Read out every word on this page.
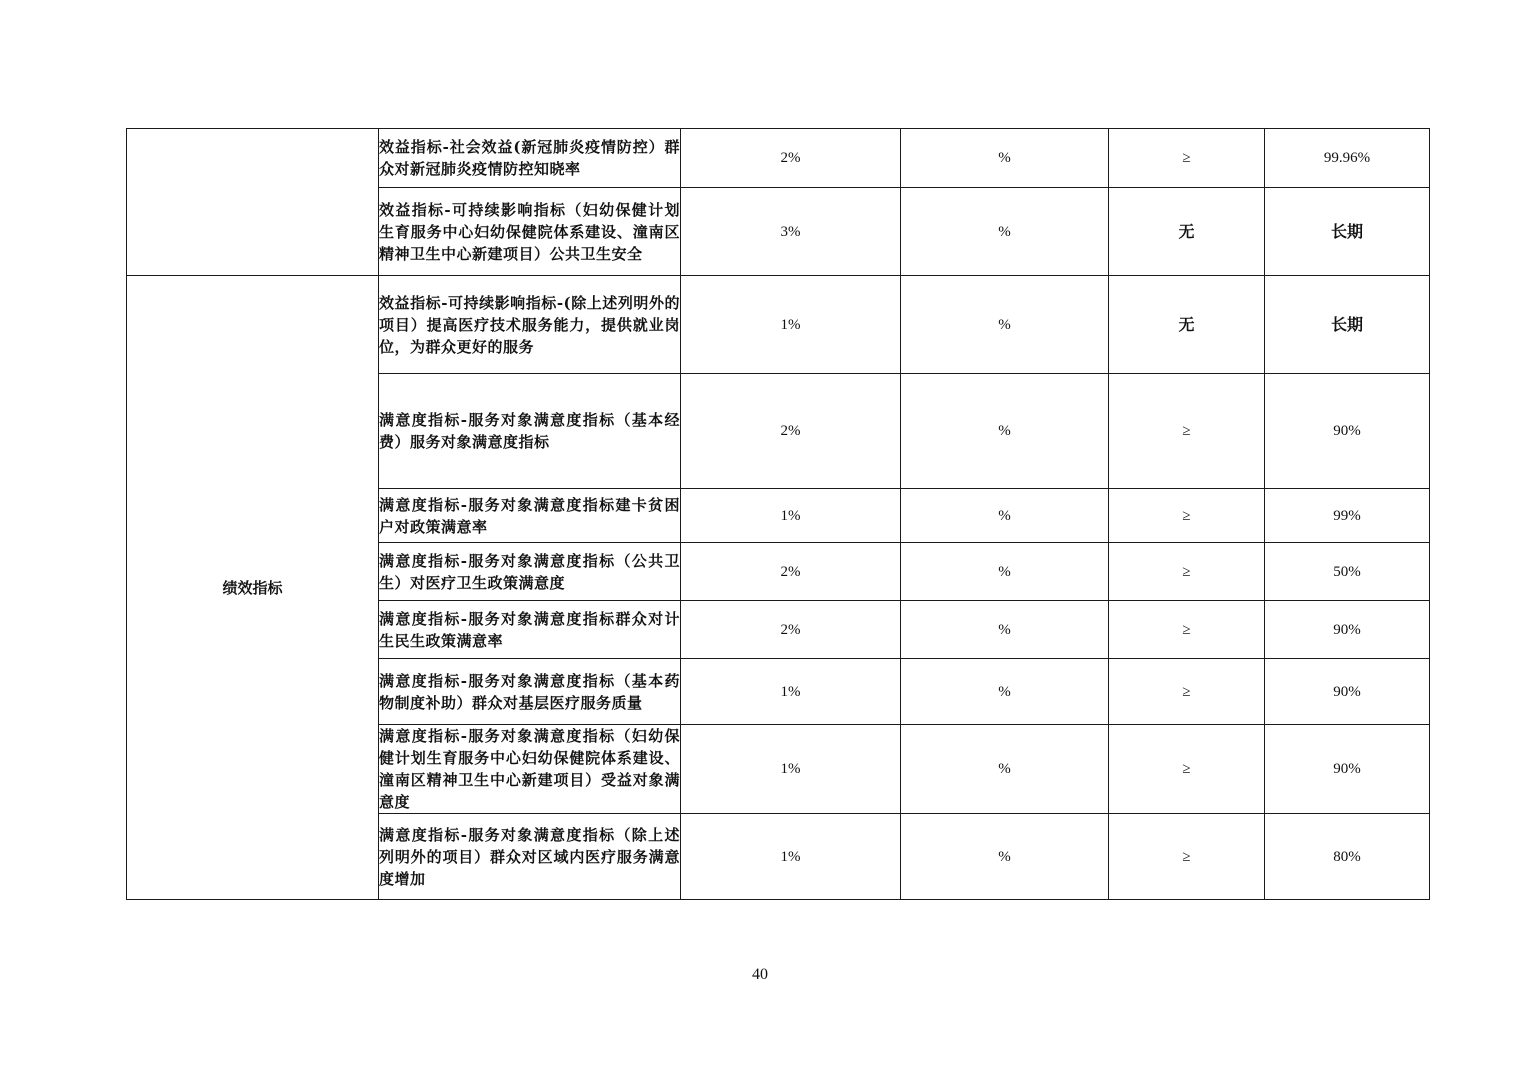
	效益指标-社会效益(新冠肺炎疫情防控）群众对新冠肺炎疫情防控知晓率	2%	%	≥	99.96%
	效益指标-可持续影响指标（妇幼保健计划生育服务中心妇幼保健院体系建设、潼南区精神卫生中心新建项目）公共卫生安全	3%	%	无	长期
绩效指标	效益指标-可持续影响指标-(除上述列明外的项目）提高医疗技术服务能力，提供就业岗位，为群众更好的服务	1%	%	无	长期
	满意度指标-服务对象满意度指标（基本经费）服务对象满意度指标	2%	%	≥	90%
	满意度指标-服务对象满意度指标建卡贫困户对政策满意率	1%	%	≥	99%
	满意度指标-服务对象满意度指标（公共卫生）对医疗卫生政策满意度	2%	%	≥	50%
	满意度指标-服务对象满意度指标群众对计生民生政策满意率	2%	%	≥	90%
	满意度指标-服务对象满意度指标（基本药物制度补助）群众对基层医疗服务质量	1%	%	≥	90%
	满意度指标-服务对象满意度指标（妇幼保健计划生育服务中心妇幼保健院体系建设、潼南区精神卫生中心新建项目）受益对象满意度	1%	%	≥	90%
	满意度指标-服务对象满意度指标（除上述列明外的项目）群众对区域内医疗服务满意度增加	1%	%	≥	80%
40
